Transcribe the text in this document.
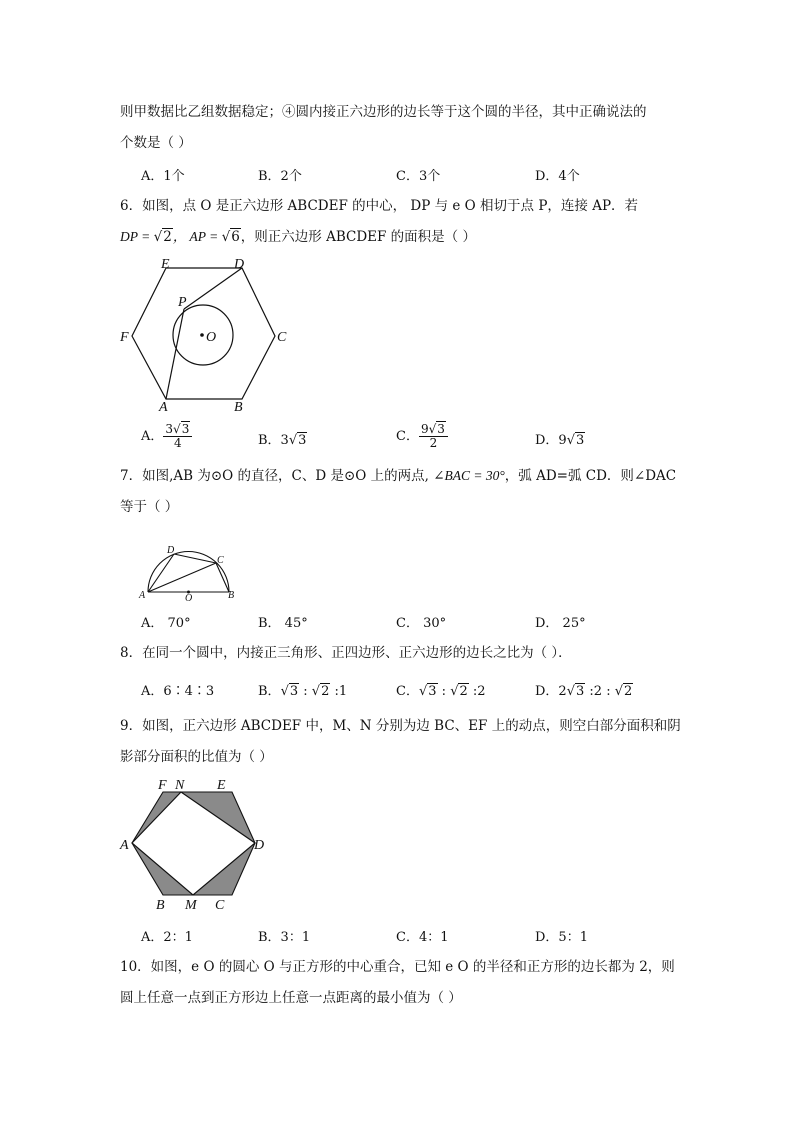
则甲数据比乙组数据稳定；④圆内接正六边形的边长等于这个圆的半径，其中正确说法的
个数是（ ）
A．1个	B．2个	C．3个	D．4个
6．如图，点 O 是正六边形 ABCDEF 的中心， DP 与 e O 相切于点 P，连接 AP．若
DP = √2， AP = √6，则正六边形 ABCDEF 的面积是（ ）
E	D
F	C
A	B
P
O
A． $\frac{3√3}{4}$	B．3√3	C． $\frac{9√3}{2}$	D．9√3
7．如图,AB 为⊙O 的直径，C、D 是⊙O 上的两点, ∠BAC = 30°，弧 AD=弧 CD．则∠DAC
等于（ ）
D
C
A	O	B
A． 70°	B． 45°	C． 30°	D． 25°
8．在同一个圆中，内接正三角形、正四边形、正六边形的边长之比为（ ）．
A．6∶4∶3	B．√3 : √2 :1	C．√3 : √2 :2	D．2√3 :2 : √2
9．如图，正六边形 ABCDEF 中，M、N 分别为边 BC、EF 上的动点，则空白部分面积和阴
影部分面积的比值为（ ）
F N E
A	D
B M C
A．2：1	B．3：1	C．4：1	D．5：1
10．如图，e O 的圆心 O 与正方形的中心重合，已知 e O 的半径和正方形的边长都为 2，则
圆上任意一点到正方形边上任意一点距离的最小值为（ ）
